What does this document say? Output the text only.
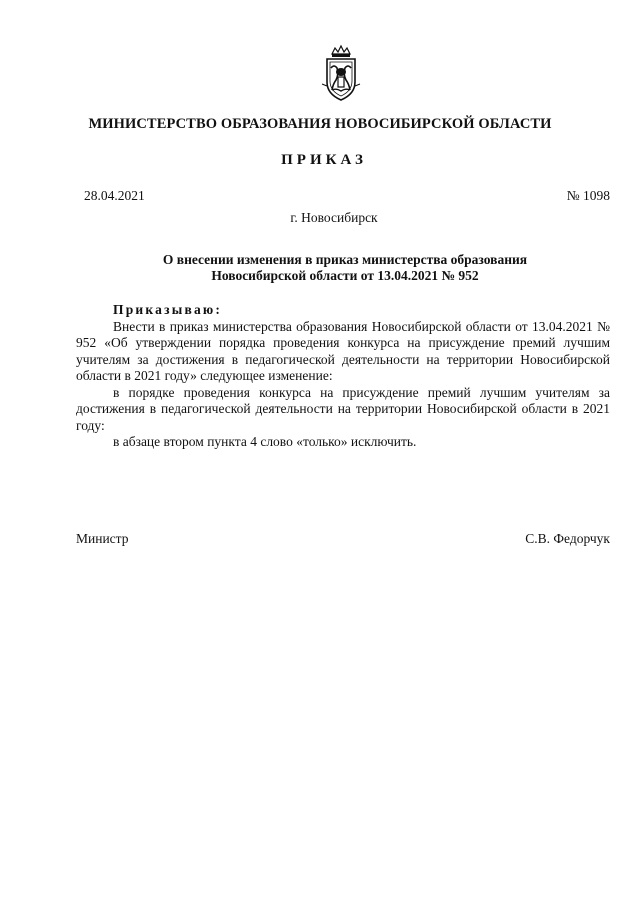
МИНИСТЕРСТВО ОБРАЗОВАНИЯ НОВОСИБИРСКОЙ ОБЛАСТИ
ПРИКАЗ
28.04.2021	№ 1098
г. Новосибирск
О внесении изменения в приказ министерства образования
Новосибирской области от 13.04.2021 № 952
Приказываю:

Внести в приказ министерства образования Новосибирской области от 13.04.2021 № 952 «Об утверждении порядка проведения конкурса на присуждение премий лучшим учителям за достижения в педагогической деятельности на территории Новосибирской области в 2021 году» следующее изменение:

в порядке проведения конкурса на присуждение премий лучшим учителям за достижения в педагогической деятельности на территории Новосибирской области в 2021 году:

в абзаце втором пункта 4 слово «только» исключить.

Министр	С.В. Федорчук
